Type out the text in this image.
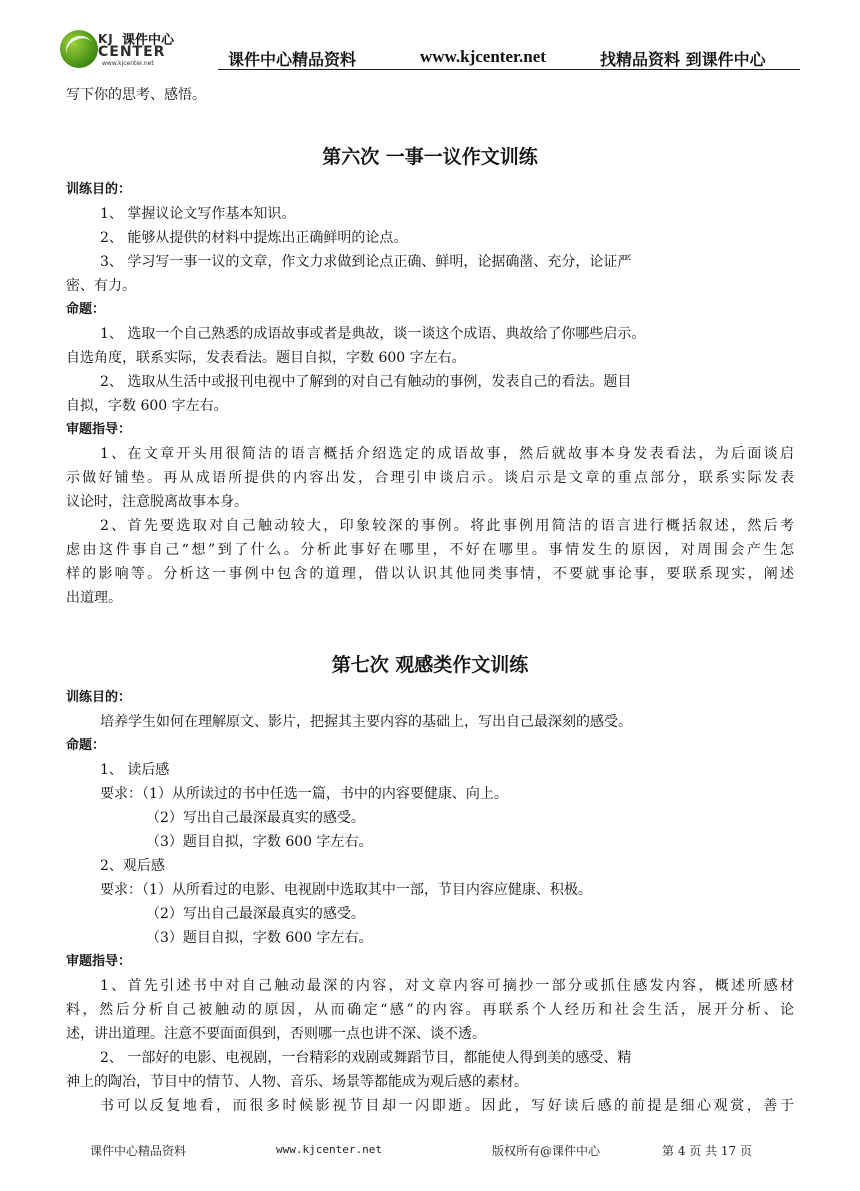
KJ 课件中心
CENTER
www.kjcenter.net	课件中心精品资料	www.kjcenter.net	找精品资料 到课件中心
写下你的思考、感悟。
第六次 一事一议作文训练
训练目的：
1、 掌握议论文写作基本知识。
2、 能够从提供的材料中提炼出正确鲜明的论点。
3、 学习写一事一议的文章，作文力求做到论点正确、鲜明，论据确凿、充分，论证严
密、有力。
命题：
1、 选取一个自己熟悉的成语故事或者是典故，谈一谈这个成语、典故给了你哪些启示。
自选角度，联系实际，发表看法。题目自拟，字数 600 字左右。
2、 选取从生活中或报刊电视中了解到的对自己有触动的事例，发表自己的看法。题目
自拟，字数 600 字左右。
审题指导：
1、在文章开头用很简洁的语言概括介绍选定的成语故事，然后就故事本身发表看法，为后面谈启
示做好铺垫。再从成语所提供的内容出发，合理引申谈启示。谈启示是文章的重点部分，联系实际发表
议论时，注意脱离故事本身。
2、首先要选取对自己触动较大，印象较深的事例。将此事例用简洁的语言进行概括叙述，然后考
虑由这件事自己“想”到了什么。分析此事好在哪里，不好在哪里。事情发生的原因，对周围会产生怎
样的影响等。分析这一事例中包含的道理，借以认识其他同类事情，不要就事论事，要联系现实，阐述
出道理。
第七次 观感类作文训练
训练目的：
培养学生如何在理解原文、影片，把握其主要内容的基础上，写出自己最深刻的感受。
命题：
1、 读后感
要求：（1）从所读过的书中任选一篇，书中的内容要健康、向上。
（2）写出自己最深最真实的感受。
（3）题目自拟，字数 600 字左右。
2、观后感
要求：（1）从所看过的电影、电视剧中选取其中一部，节目内容应健康、积极。
（2）写出自己最深最真实的感受。
（3）题目自拟，字数 600 字左右。
审题指导：
1、首先引述书中对自己触动最深的内容，对文章内容可摘抄一部分或抓住感发内容，概述所感材
料，然后分析自己被触动的原因，从而确定“感”的内容。再联系个人经历和社会生活，展开分析、论
述，讲出道理。注意不要面面俱到，否则哪一点也讲不深、谈不透。
2、 一部好的电影、电视剧，一台精彩的戏剧或舞蹈节目，都能使人得到美的感受、精
神上的陶冶，节目中的情节、人物、音乐、场景等都能成为观后感的素材。
书可以反复地看，而很多时候影视节目却一闪即逝。因此，写好读后感的前提是细心观赏，善于
课件中心精品资料	www.kjcenter.net	版权所有@课件中心	第 4 页 共 17 页
